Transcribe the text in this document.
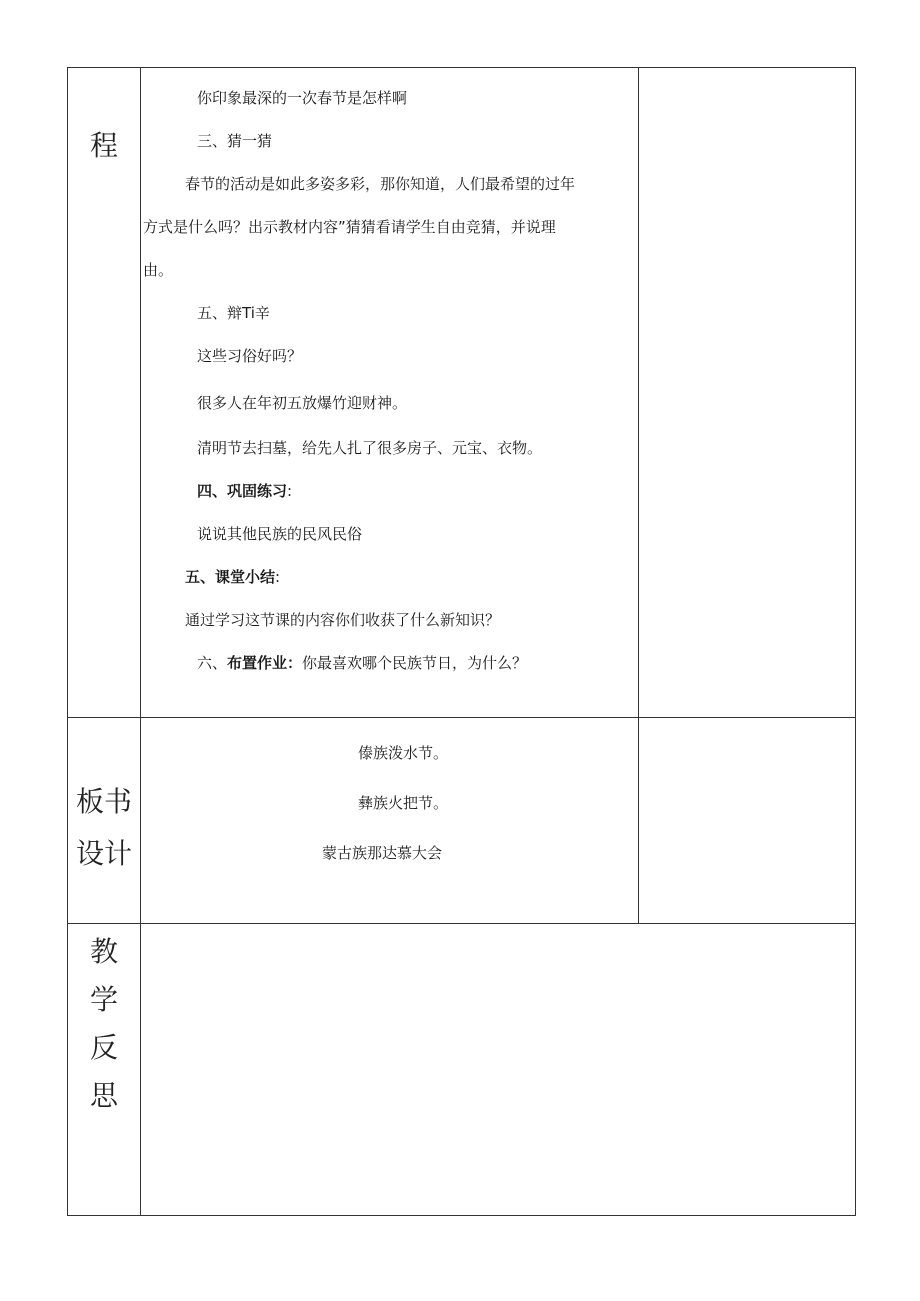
程
你印象最深的一次春节是怎样啊
三、猜一猜
春节的活动是如此多姿多彩，那你知道，人们最希望的过年
方式是什么吗？出示教材内容”猜猜看请学生自由竞猜，并说理
由。
五、辩Ti辛
这些习俗好吗？
很多人在年初五放爆竹迎财神。
清明节去扫墓，给先人扎了很多房子、元宝、衣物。
四、巩固练习:
说说其他民族的民风民俗
五、课堂小结:
通过学习这节课的内容你们收获了什么新知识？
六、布置作业：你最喜欢哪个民族节日，为什么？
板书
设计
傣族泼水节。
彝族火把节。
蒙古族那达慕大会
教
学
反
思
